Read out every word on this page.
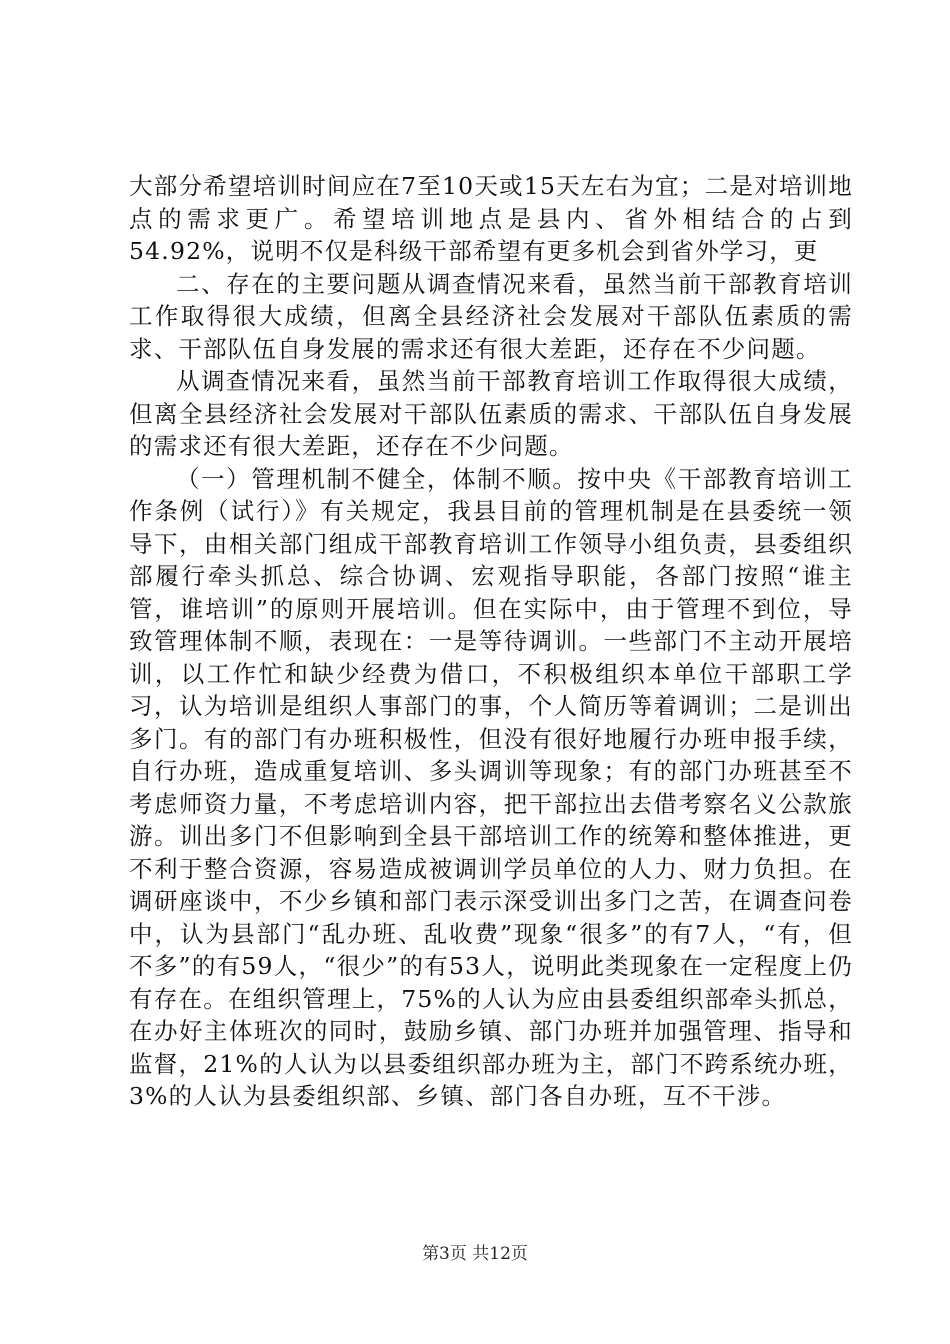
大部分希望培训时间应在7至10天或15天左右为宜；二是对培训地点的需求更广。希望培训地点是县内、省外相结合的占到54.92%，说明不仅是科级干部希望有更多机会到省外学习，更

二、存在的主要问题从调查情况来看，虽然当前干部教育培训工作取得很大成绩，但离全县经济社会发展对干部队伍素质的需求、干部队伍自身发展的需求还有很大差距，还存在不少问题。

从调查情况来看，虽然当前干部教育培训工作取得很大成绩，但离全县经济社会发展对干部队伍素质的需求、干部队伍自身发展的需求还有很大差距，还存在不少问题。

（一）管理机制不健全，体制不顺。按中央《干部教育培训工作条例（试行）》有关规定，我县目前的管理机制是在县委统一领导下，由相关部门组成干部教育培训工作领导小组负责，县委组织部履行牵头抓总、综合协调、宏观指导职能，各部门按照“谁主管，谁培训”的原则开展培训。但在实际中，由于管理不到位，导致管理体制不顺，表现在：一是等待调训。一些部门不主动开展培训，以工作忙和缺少经费为借口，不积极组织本单位干部职工学习，认为培训是组织人事部门的事，个人简历等着调训；二是训出多门。有的部门有办班积极性，但没有很好地履行办班申报手续，自行办班，造成重复培训、多头调训等现象；有的部门办班甚至不考虑师资力量，不考虑培训内容，把干部拉出去借考察名义公款旅游。训出多门不但影响到全县干部培训工作的统筹和整体推进，更不利于整合资源，容易造成被调训学员单位的人力、财力负担。在调研座谈中，不少乡镇和部门表示深受训出多门之苦，在调查问卷中，认为县部门“乱办班、乱收费”现象“很多”的有7人，“有，但不多”的有59人，“很少”的有53人，说明此类现象在一定程度上仍有存在。在组织管理上，75%的人认为应由县委组织部牵头抓总，在办好主体班次的同时，鼓励乡镇、部门办班并加强管理、指导和监督，21%的人认为以县委组织部办班为主，部门不跨系统办班，3%的人认为县委组织部、乡镇、部门各自办班，互不干涉。

第3页 共12页
